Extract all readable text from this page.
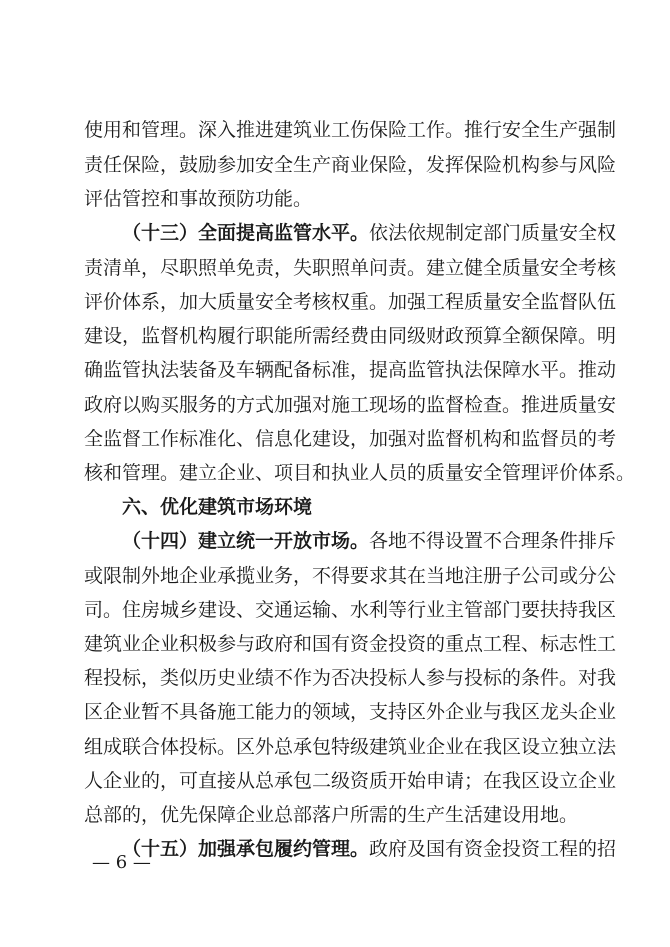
使用和管理。深入推进建筑业工伤保险工作。推行安全生产强制
责任保险，鼓励参加安全生产商业保险，发挥保险机构参与风险
评估管控和事故预防功能。
（十三）全面提高监管水平。依法依规制定部门质量安全权
责清单，尽职照单免责，失职照单问责。建立健全质量安全考核
评价体系，加大质量安全考核权重。加强工程质量安全监督队伍
建设，监督机构履行职能所需经费由同级财政预算全额保障。明
确监管执法装备及车辆配备标准，提高监管执法保障水平。推动
政府以购买服务的方式加强对施工现场的监督检查。推进质量安
全监督工作标准化、信息化建设，加强对监督机构和监督员的考
核和管理。建立企业、项目和执业人员的质量安全管理评价体系。
六、优化建筑市场环境
（十四）建立统一开放市场。各地不得设置不合理条件排斥
或限制外地企业承揽业务，不得要求其在当地注册子公司或分公
司。住房城乡建设、交通运输、水利等行业主管部门要扶持我区
建筑业企业积极参与政府和国有资金投资的重点工程、标志性工
程投标，类似历史业绩不作为否决投标人参与投标的条件。对我
区企业暂不具备施工能力的领域，支持区外企业与我区龙头企业
组成联合体投标。区外总承包特级建筑业企业在我区设立独立法
人企业的，可直接从总承包二级资质开始申请；在我区设立企业
总部的，优先保障企业总部落户所需的生产生活建设用地。
（十五）加强承包履约管理。政府及国有资金投资工程的招
— 6 —
